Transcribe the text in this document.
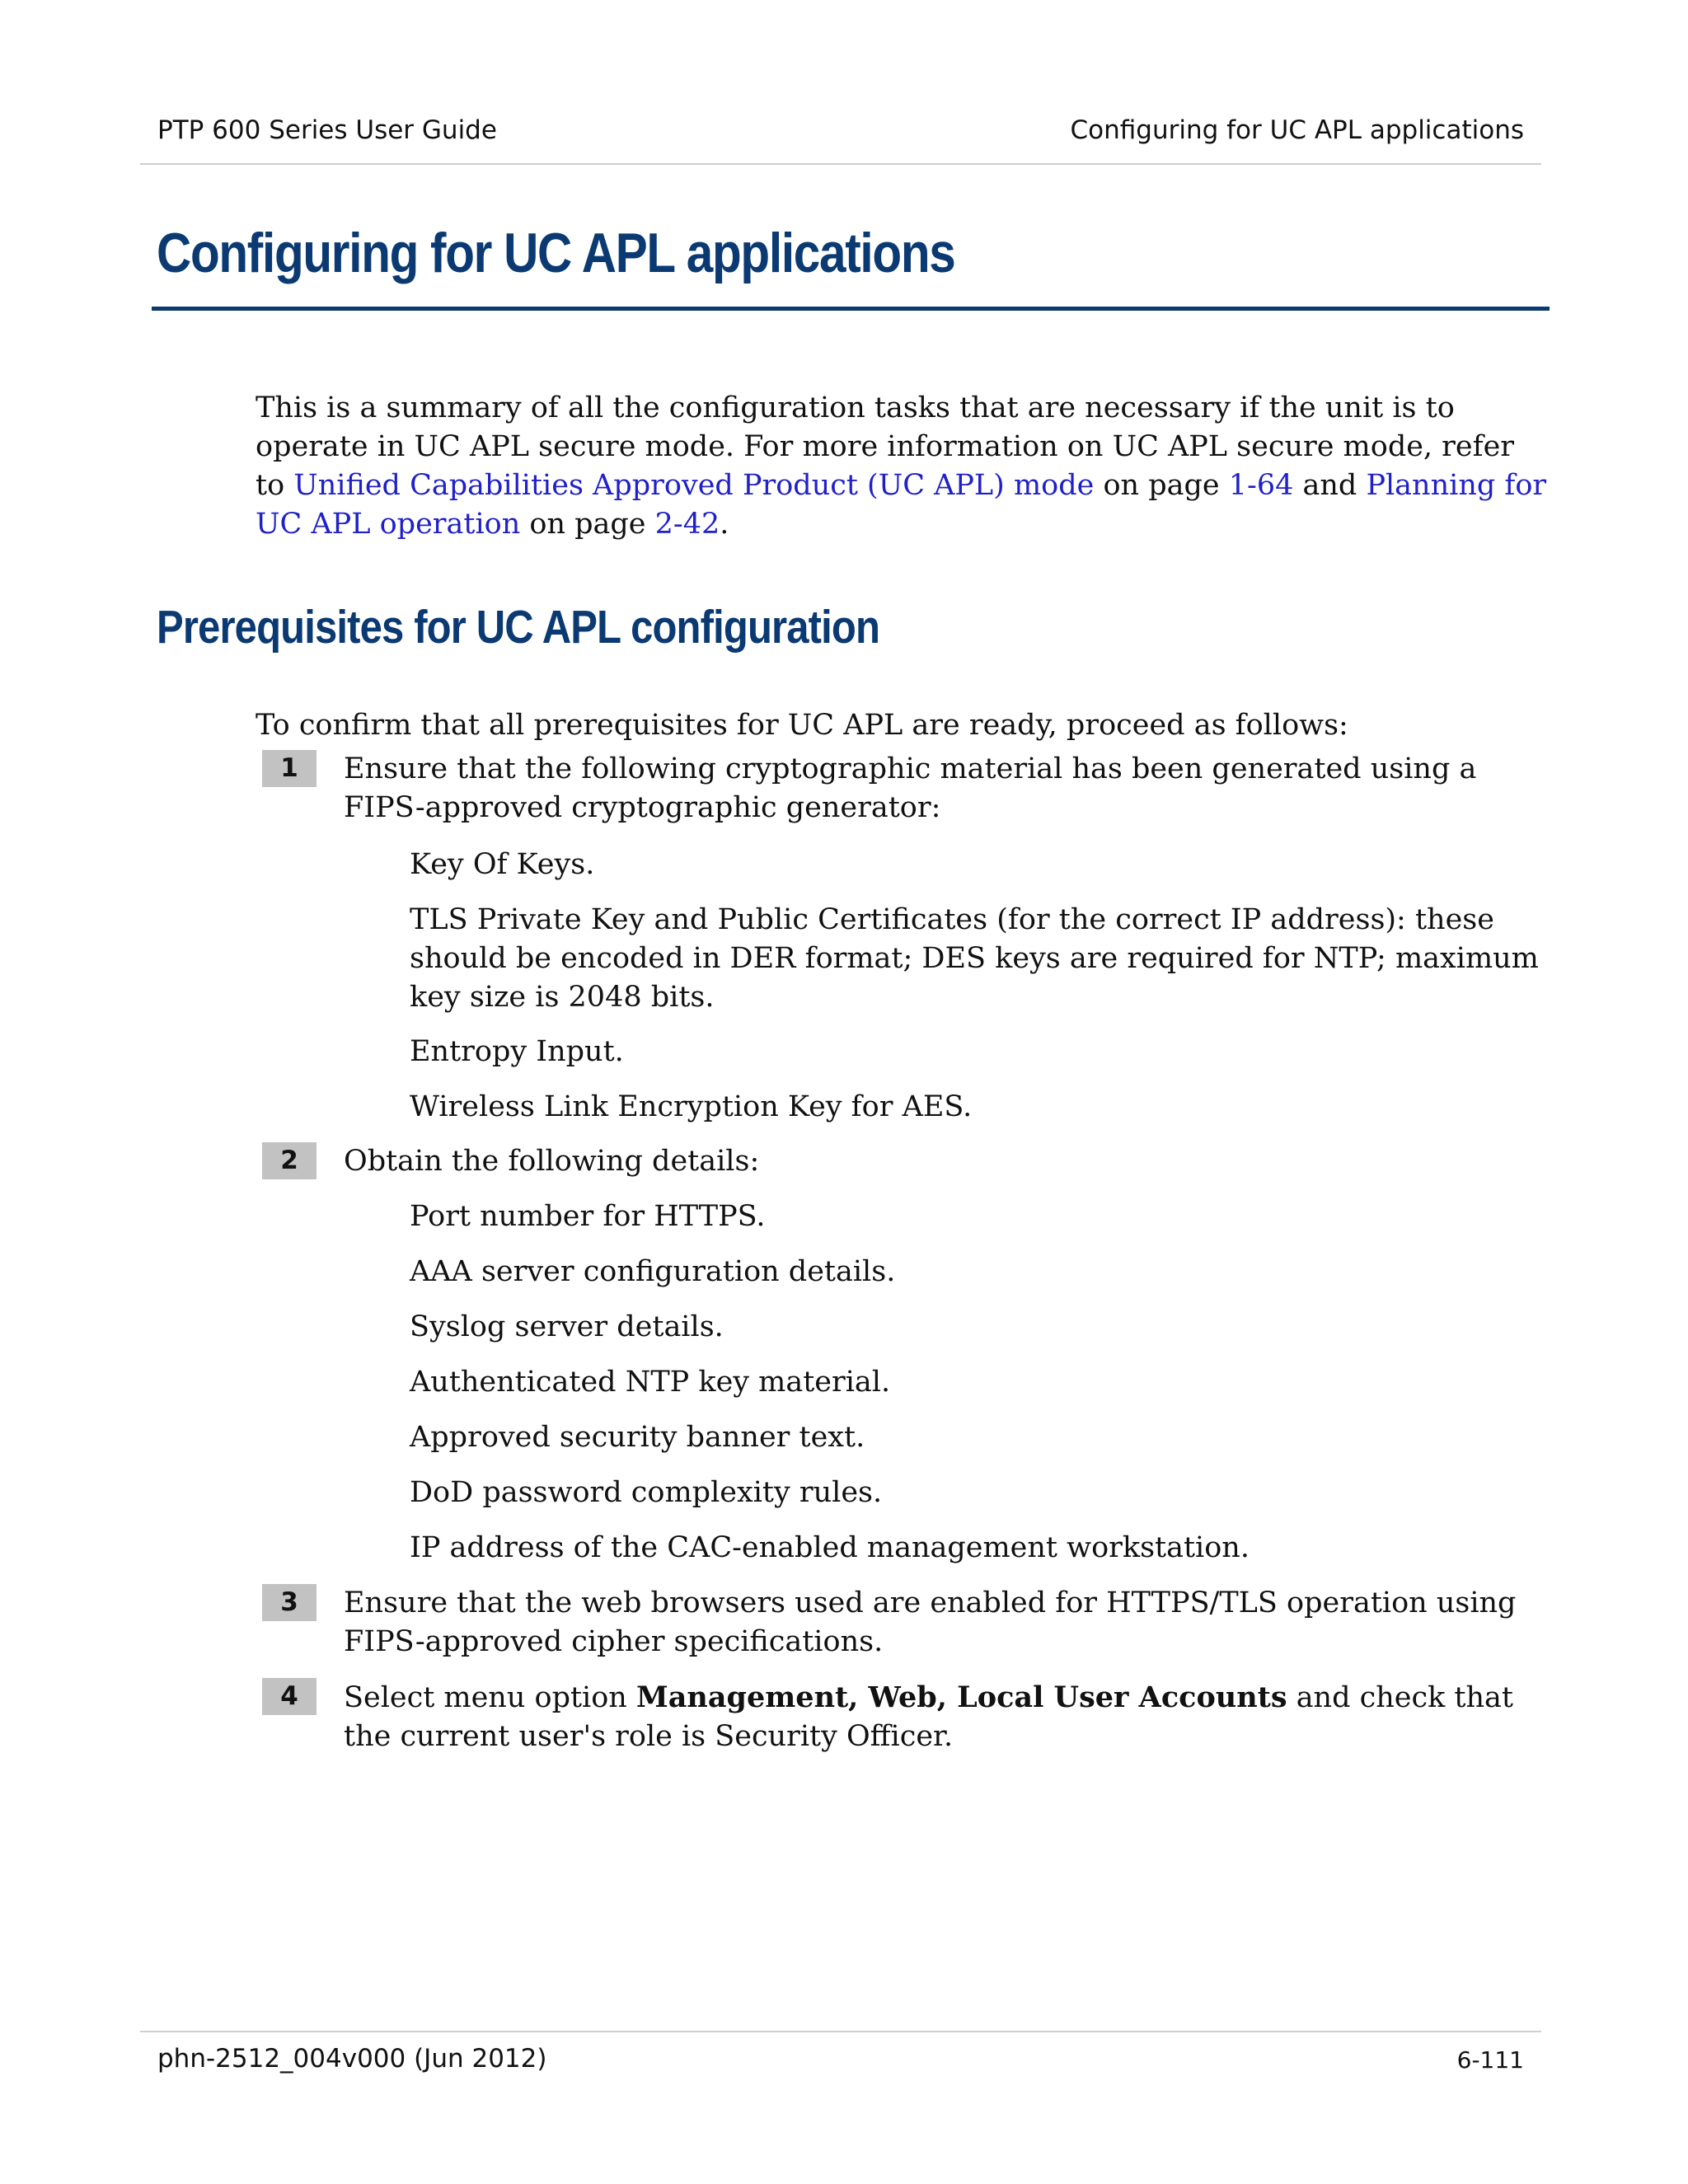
PTP 600 Series User Guide	Configuring for UC APL applications
Configuring for UC APL applications

This is a summary of all the configuration tasks that are necessary if the unit is to operate in UC APL secure mode. For more information on UC APL secure mode, refer to Unified Capabilities Approved Product (UC APL) mode on page 1-64 and Planning for UC APL operation on page 2-42.

Prerequisites for UC APL configuration

To confirm that all prerequisites for UC APL are ready, proceed as follows:

1	Ensure that the following cryptographic material has been generated using a FIPS-approved cryptographic generator:
Key Of Keys.
TLS Private Key and Public Certificates (for the correct IP address): these should be encoded in DER format; DES keys are required for NTP; maximum key size is 2048 bits.
Entropy Input.
Wireless Link Encryption Key for AES.
2	Obtain the following details:
Port number for HTTPS.
AAA server configuration details.
Syslog server details.
Authenticated NTP key material.
Approved security banner text.
DoD password complexity rules.
IP address of the CAC-enabled management workstation.
3	Ensure that the web browsers used are enabled for HTTPS/TLS operation using FIPS-approved cipher specifications.
4	Select menu option Management, Web, Local User Accounts and check that the current user's role is Security Officer.
phn-2512_004v000 (Jun 2012)	6-111
